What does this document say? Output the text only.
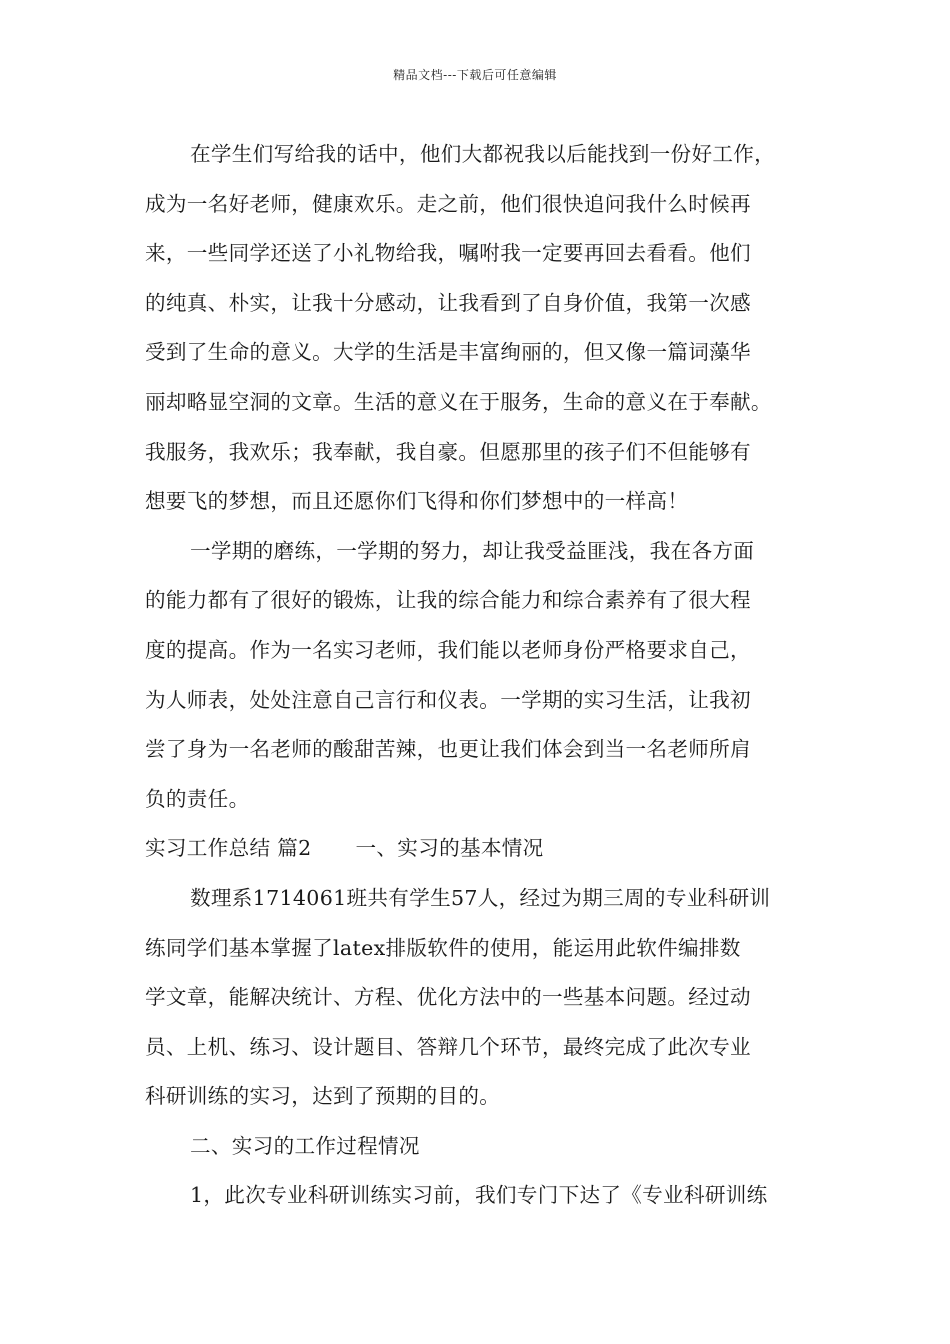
精品文档---下载后可任意编辑
在学生们写给我的话中，他们大都祝我以后能找到一份好工作，
成为一名好老师，健康欢乐。走之前，他们很快追问我什么时候再
来，一些同学还送了小礼物给我，嘱咐我一定要再回去看看。他们
的纯真、朴实，让我十分感动，让我看到了自身价值，我第一次感
受到了生命的意义。大学的生活是丰富绚丽的，但又像一篇词藻华
丽却略显空洞的文章。生活的意义在于服务，生命的意义在于奉献。
我服务，我欢乐；我奉献，我自豪。但愿那里的孩子们不但能够有
想要飞的梦想，而且还愿你们飞得和你们梦想中的一样高！
一学期的磨练，一学期的努力，却让我受益匪浅，我在各方面
的能力都有了很好的锻炼，让我的综合能力和综合素养有了很大程
度的提高。作为一名实习老师，我们能以老师身份严格要求自己，
为人师表，处处注意自己言行和仪表。一学期的实习生活，让我初
尝了身为一名老师的酸甜苦辣，也更让我们体会到当一名老师所肩
负的责任。
实习工作总结 篇2 一、实习的基本情况
数理系1714061班共有学生57人，经过为期三周的专业科研训
练同学们基本掌握了latex排版软件的使用，能运用此软件编排数
学文章，能解决统计、方程、优化方法中的一些基本问题。经过动
员、上机、练习、设计题目、答辩几个环节，最终完成了此次专业
科研训练的实习，达到了预期的目的。
二、实习的工作过程情况
1，此次专业科研训练实习前，我们专门下达了《专业科研训练
